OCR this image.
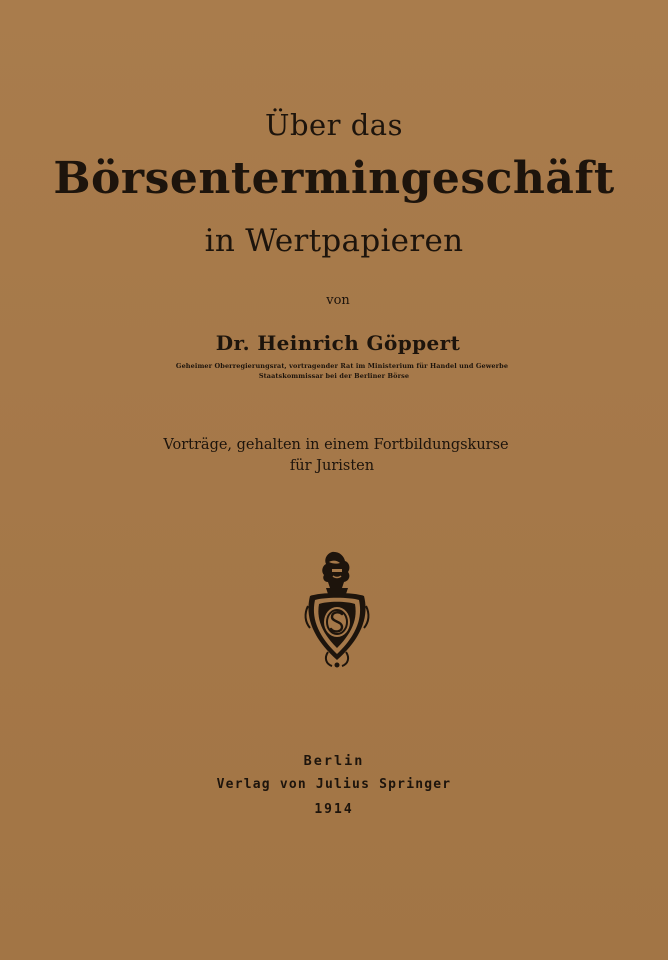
Über das
Börsentermingeschäft
in Wertpapieren
von
Dr. Heinrich Göppert
Geheimer Oberregierungsrat, vortragender Rat im Ministerium für Handel und Gewerbe
Staatskommissar bei der Berliner Börse
Vorträge, gehalten in einem Fortbildungskurse
für Juristen
Berlin
Verlag von Julius Springer
1914
